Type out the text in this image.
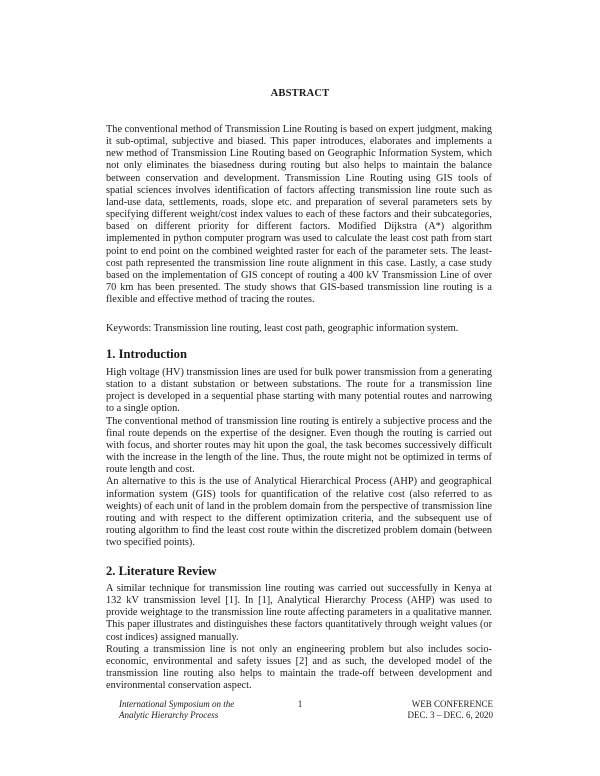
ABSTRACT

The conventional method of Transmission Line Routing is based on expert judgment, making it sub-optimal, subjective and biased. This paper introduces, elaborates and implements a new method of Transmission Line Routing based on Geographic Information System, which not only eliminates the biasedness during routing but also helps to maintain the balance between conservation and development. Transmission Line Routing using GIS tools of spatial sciences involves identification of factors affecting transmission line route such as land-use data, settlements, roads, slope etc. and preparation of several parameters sets by specifying different weight/cost index values to each of these factors and their subcategories, based on different priority for different factors. Modified Dijkstra (A*) algorithm implemented in python computer program was used to calculate the least cost path from start point to end point on the combined weighted raster for each of the parameter sets. The least-cost path represented the transmission line route alignment in this case. Lastly, a case study based on the implementation of GIS concept of routing a 400 kV Transmission Line of over 70 km has been presented. The study shows that GIS-based transmission line routing is a flexible and effective method of tracing the routes.

Keywords: Transmission line routing, least cost path, geographic information system.
1. Introduction

High voltage (HV) transmission lines are used for bulk power transmission from a generating station to a distant substation or between substations. The route for a transmission line project is developed in a sequential phase starting with many potential routes and narrowing to a single option.

The conventional method of transmission line routing is entirely a subjective process and the final route depends on the expertise of the designer. Even though the routing is carried out with focus, and shorter routes may hit upon the goal, the task becomes successively difficult with the increase in the length of the line. Thus, the route might not be optimized in terms of route length and cost.

An alternative to this is the use of Analytical Hierarchical Process (AHP) and geographical information system (GIS) tools for quantification of the relative cost (also referred to as weights) of each unit of land in the problem domain from the perspective of transmission line routing and with respect to the different optimization criteria, and the subsequent use of routing algorithm to find the least cost route within the discretized problem domain (between two specified points).

2. Literature Review

A similar technique for transmission line routing was carried out successfully in Kenya at 132 kV transmission level [1]. In [1], Analytical Hierarchy Process (AHP) was used to provide weightage to the transmission line route affecting parameters in a qualitative manner. This paper illustrates and distinguishes these factors quantitatively through weight values (or cost indices) assigned manually.

Routing a transmission line is not only an engineering problem but also includes socio-economic, environmental and safety issues [2] and as such, the developed model of the transmission line routing also helps to maintain the trade-off between development and environmental conservation aspect.

International Symposium on the
Analytic Hierarchy Process
1	WEB CONFERENCE
DEC. 3 – DEC. 6, 2020
